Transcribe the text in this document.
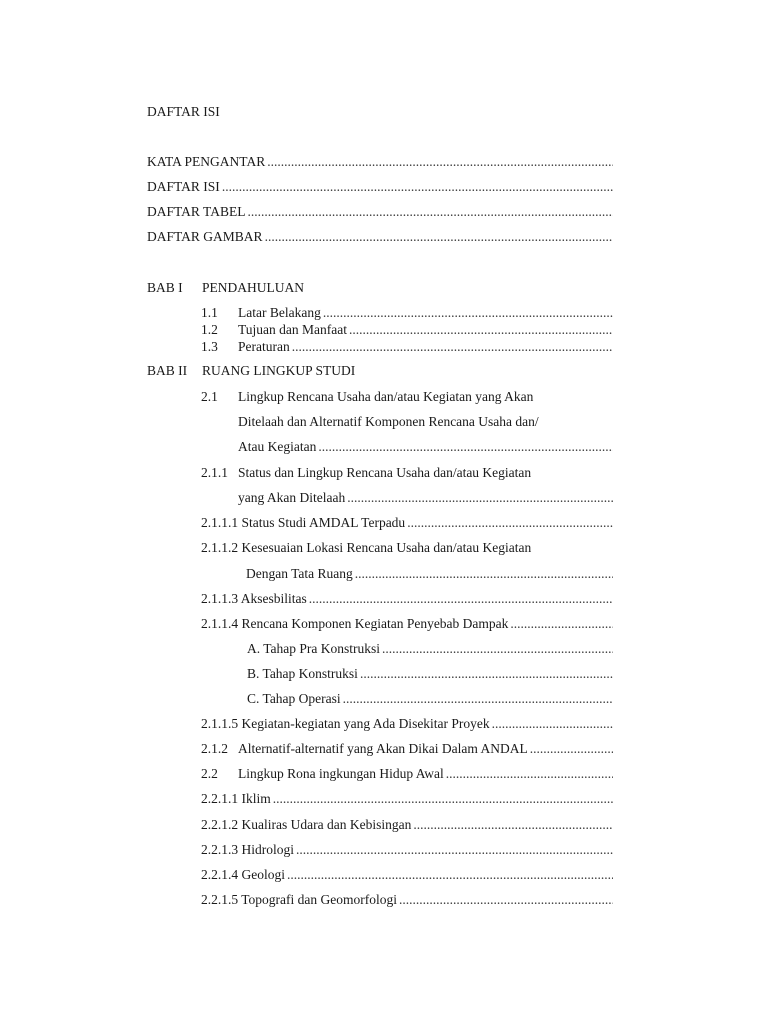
DAFTAR ISI
KATA PENGANTAR
.....
DAFTAR ISI
.....
DAFTAR TABEL
.....
DAFTAR GAMBAR
.....
BAB I PENDAHULUAN
1.1 Latar Belakang
.....
1.2 Tujuan dan Manfaat
.....
1.3 Peraturan
.....
BAB II RUANG LINGKUP STUDI
2.1 Lingkup Rencana Usaha dan/atau Kegiatan yang Akan
Ditelaah dan Alternatif Komponen Rencana Usaha dan/
Atau Kegiatan
.....
2.1.1 Status dan Lingkup Rencana Usaha dan/atau Kegiatan
yang Akan Ditelaah
.....
2.1.1.1 Status Studi AMDAL Terpadu
.....
2.1.1.2 Kesesuaian Lokasi Rencana Usaha dan/atau Kegiatan
Dengan Tata Ruang
.....
2.1.1.3 Aksesbilitas
.....
2.1.1.4 Rencana Komponen Kegiatan Penyebab Dampak
.....
A. Tahap Pra Konstruksi
.....
B. Tahap Konstruksi
.....
C. Tahap Operasi
.....
2.1.1.5 Kegiatan-kegiatan yang Ada Disekitar Proyek
.....
2.1.2 Alternatif-alternatif yang Akan Dikai Dalam ANDAL
.....
2.2 Lingkup Rona ingkungan Hidup Awal
.....
2.2.1.1 Iklim
.....
2.2.1.2 Kualiras Udara dan Kebisingan
.....
2.2.1.3 Hidrologi
.....
2.2.1.4 Geologi
.....
2.2.1.5 Topografi dan Geomorfologi
.....
